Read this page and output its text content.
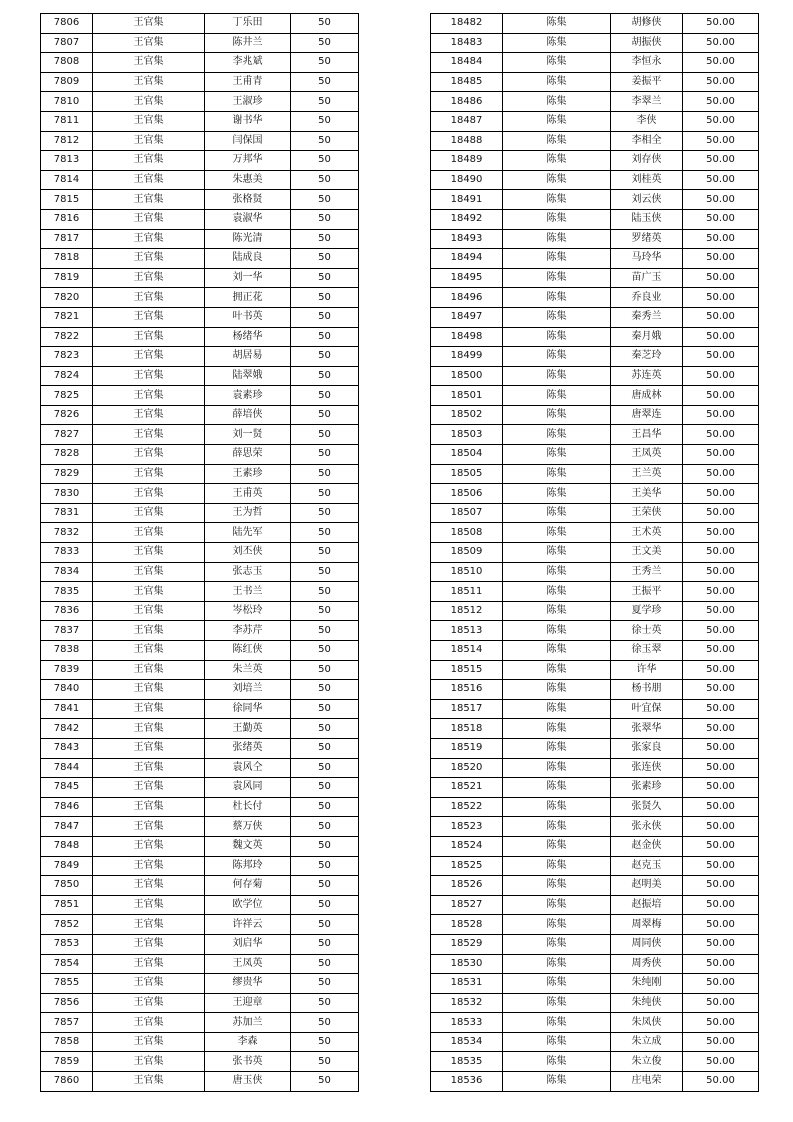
7806	王官集	丁乐田	50
7807	王官集	陈井兰	50
7808	王官集	李兆斌	50
7809	王官集	王甫青	50
7810	王官集	王淑珍	50
7811	王官集	谢书华	50
7812	王官集	闫保国	50
7813	王官集	万邦华	50
7814	王官集	朱惠美	50
7815	王官集	张格贤	50
7816	王官集	袁淑华	50
7817	王官集	陈光清	50
7818	王官集	陆成良	50
7819	王官集	刘一华	50
7820	王官集	拥正花	50
7821	王官集	叶书英	50
7822	王官集	杨绪华	50
7823	王官集	胡居易	50
7824	王官集	陆翠娥	50
7825	王官集	袁素珍	50
7826	王官集	薛培侠	50
7827	王官集	刘一贤	50
7828	王官集	薛思荣	50
7829	王官集	王素珍	50
7830	王官集	王甫英	50
7831	王官集	王为哲	50
7832	王官集	陆先军	50
7833	王官集	刘丕侠	50
7834	王官集	张志玉	50
7835	王官集	王书兰	50
7836	王官集	岑松玲	50
7837	王官集	李苏芹	50
7838	王官集	陈红侠	50
7839	王官集	朱兰英	50
7840	王官集	刘培兰	50
7841	王官集	徐同华	50
7842	王官集	王勤英	50
7843	王官集	张绪英	50
7844	王官集	袁风仝	50
7845	王官集	袁风同	50
7846	王官集	杜长付	50
7847	王官集	蔡万侠	50
7848	王官集	魏文英	50
7849	王官集	陈邦玲	50
7850	王官集	何存菊	50
7851	王官集	欧学位	50
7852	王官集	许祥云	50
7853	王官集	刘启华	50
7854	王官集	王凤英	50
7855	王官集	缪贵华	50
7856	王官集	王迎章	50
7857	王官集	苏加兰	50
7858	王官集	李森	50
7859	王官集	张书英	50
7860	王官集	唐玉侠	50
18482	陈集	胡修侠	50.00
18483	陈集	胡振侠	50.00
18484	陈集	李恒永	50.00
18485	陈集	姜振平	50.00
18486	陈集	李翠兰	50.00
18487	陈集	李侠	50.00
18488	陈集	李相全	50.00
18489	陈集	刘存侠	50.00
18490	陈集	刘桂英	50.00
18491	陈集	刘云侠	50.00
18492	陈集	陆玉侠	50.00
18493	陈集	罗绪英	50.00
18494	陈集	马玲华	50.00
18495	陈集	苗广玉	50.00
18496	陈集	乔良业	50.00
18497	陈集	秦秀兰	50.00
18498	陈集	秦月娥	50.00
18499	陈集	秦芝玲	50.00
18500	陈集	苏连英	50.00
18501	陈集	唐成林	50.00
18502	陈集	唐翠连	50.00
18503	陈集	王昌华	50.00
18504	陈集	王凤英	50.00
18505	陈集	王兰英	50.00
18506	陈集	王美华	50.00
18507	陈集	王荣侠	50.00
18508	陈集	王术英	50.00
18509	陈集	王文美	50.00
18510	陈集	王秀兰	50.00
18511	陈集	王振平	50.00
18512	陈集	夏学珍	50.00
18513	陈集	徐士英	50.00
18514	陈集	徐玉翠	50.00
18515	陈集	许华	50.00
18516	陈集	杨书朋	50.00
18517	陈集	叶宜保	50.00
18518	陈集	张翠华	50.00
18519	陈集	张家良	50.00
18520	陈集	张连侠	50.00
18521	陈集	张素珍	50.00
18522	陈集	张贤久	50.00
18523	陈集	张永侠	50.00
18524	陈集	赵金侠	50.00
18525	陈集	赵克玉	50.00
18526	陈集	赵明美	50.00
18527	陈集	赵振培	50.00
18528	陈集	周翠梅	50.00
18529	陈集	周同侠	50.00
18530	陈集	周秀侠	50.00
18531	陈集	朱纯刚	50.00
18532	陈集	朱纯侠	50.00
18533	陈集	朱凤侠	50.00
18534	陈集	朱立成	50.00
18535	陈集	朱立俊	50.00
18536	陈集	庄电荣	50.00
